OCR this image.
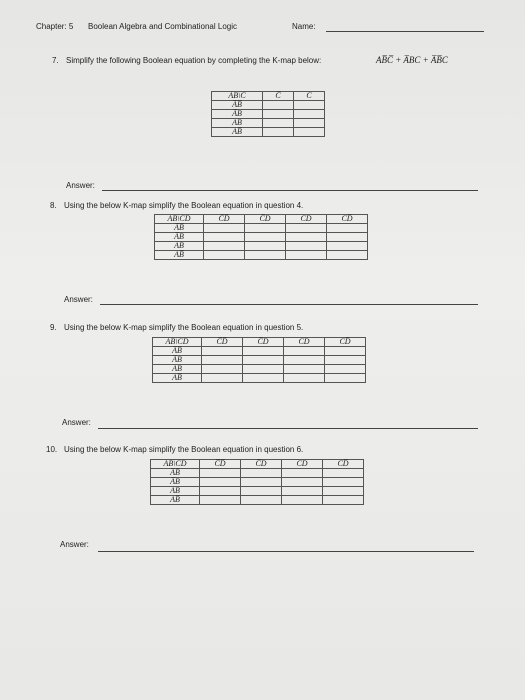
Chapter: 5 Boolean Algebra and Combinational Logic	Name:
7. Simplify the following Boolean equation by completing the K-map below:	AB̅C̅ + A̅BC + A̅B̅C
AB\C	C̅	C
A̅B̅		
A̅B		
AB		
AB̅		
Answer:
8. Using the below K-map simplify the Boolean equation in question 4.
AB\CD	C̅D̅	C̅D	CD	CD̅
A̅B̅				
A̅B				
AB				
AB̅				
Answer:
9. Using the below K-map simplify the Boolean equation in question 5.
AB\CD	C̅D̅	C̅D	CD	CD̅
A̅B̅				
A̅B				
AB				
AB̅				
Answer:
10. Using the below K-map simplify the Boolean equation in question 6.
AB\CD	C̅D̅	C̅D	CD	CD̅
A̅B̅				
A̅B				
AB				
AB̅				
Answer:
